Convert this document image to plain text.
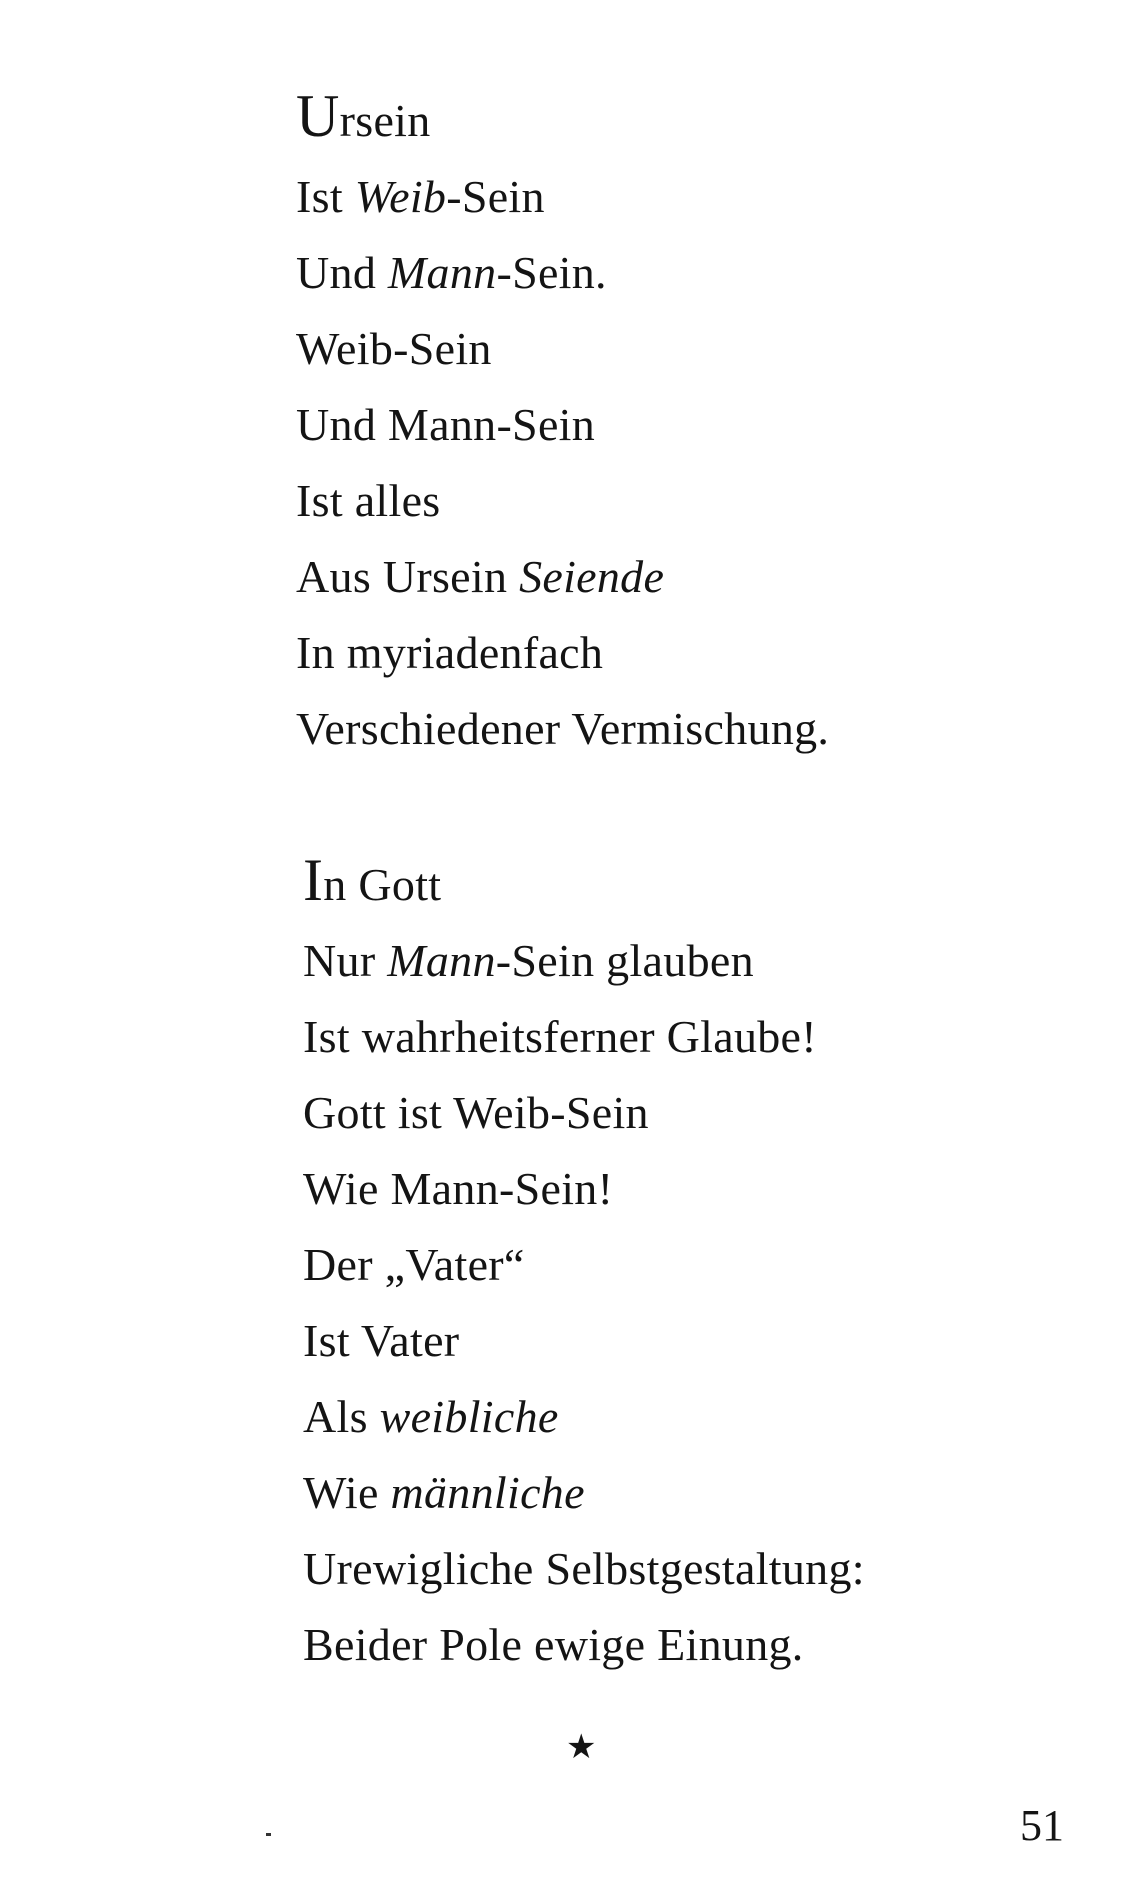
Ursein
Ist Weib-Sein
Und Mann-Sein.
Weib-Sein
Und Mann-Sein
Ist alles
Aus Ursein Seiende
In myriadenfach
Verschiedener Vermischung.
In Gott
Nur Mann-Sein glauben
Ist wahrheitsferner Glaube!
Gott ist Weib-Sein
Wie Mann-Sein!
Der „Vater“
Ist Vater
Als weibliche
Wie männliche
Urewigliche Selbstgestaltung:
Beider Pole ewige Einung.
★
51
